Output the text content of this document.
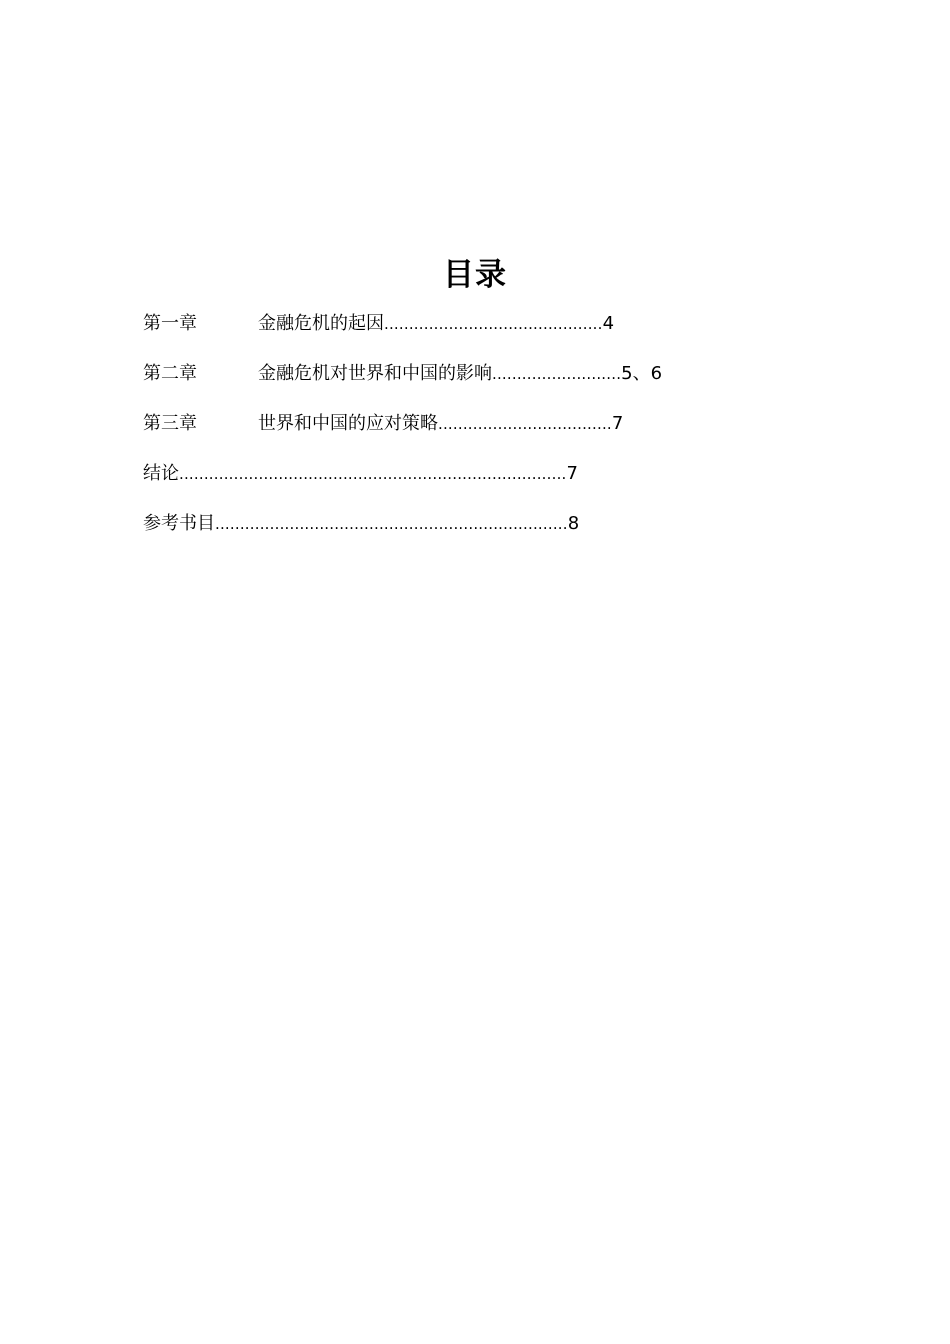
目录
第一章	金融危机的起因............................................4
第二章	金融危机对世界和中国的影响..........................5、6
第三章	世界和中国的应对策略...................................7
结论..............................................................................7
参考书目.......................................................................8
